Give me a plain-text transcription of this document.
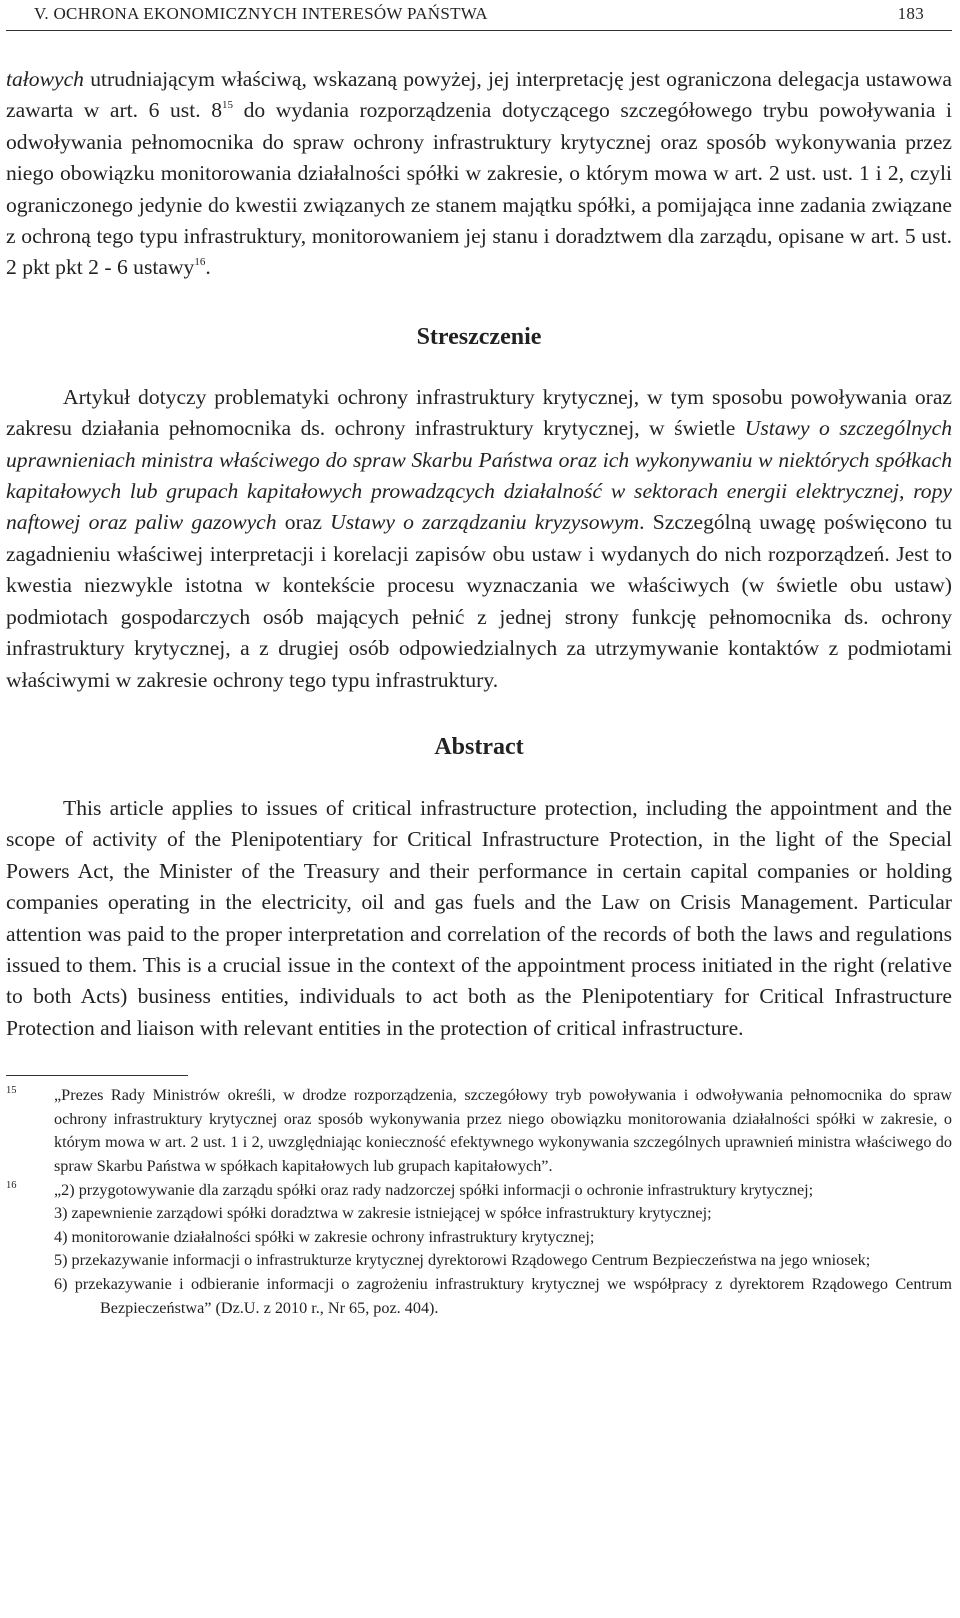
V. OCHRONA EKONOMICZNYCH INTERESÓW PAŃSTWA	183

tałowych utrudniającym właściwą, wskazaną powyżej, jej interpretację jest ograniczona delegacja ustawowa zawarta w art. 6 ust. $8^{15}$ do wydania rozporządzenia dotyczącego szczegółowego trybu powoływania i odwoływania pełnomocnika do spraw ochrony infrastruktury krytycznej oraz sposób wykonywania przez niego obowiązku monitorowania działalności spółki w zakresie, o którym mowa w art. 2 ust. ust. 1 i 2, czyli ograniczonego jedynie do kwestii związanych ze stanem majątku spółki, a pomijająca inne zadania związane z ochroną tego typu infrastruktury, monitorowaniem jej stanu i doradztwem dla zarządu, opisane w art. 5 ust. 2 pkt pkt 2 - 6 ustawy$^{16}$.

Streszczenie

Artykuł dotyczy problematyki ochrony infrastruktury krytycznej, w tym sposobu powoływania oraz zakresu działania pełnomocnika ds. ochrony infrastruktury krytycznej, w świetle Ustawy o szczególnych uprawnieniach ministra właściwego do spraw Skarbu Państwa oraz ich wykonywaniu w niektórych spółkach kapitałowych lub grupach kapitałowych prowadzących działalność w sektorach energii elektrycznej, ropy naftowej oraz paliw gazowych oraz Ustawy o zarządzaniu kryzysowym. Szczególną uwagę poświęcono tu zagadnieniu właściwej interpretacji i korelacji zapisów obu ustaw i wydanych do nich rozporządzeń. Jest to kwestia niezwykle istotna w kontekście procesu wyznaczania we właściwych (w świetle obu ustaw) podmiotach gospodarczych osób mających pełnić z jednej strony funkcję pełnomocnika ds. ochrony infrastruktury krytycznej, a z drugiej osób odpowiedzialnych za utrzymywanie kontaktów z podmiotami właściwymi w zakresie ochrony tego typu infrastruktury.

Abstract

This article applies to issues of critical infrastructure protection, including the appointment and the scope of activity of the Plenipotentiary for Critical Infrastructure Protection, in the light of the Special Powers Act, the Minister of the Treasury and their performance in certain capital companies or holding companies operating in the electricity, oil and gas fuels and the Law on Crisis Management. Particular attention was paid to the proper interpretation and correlation of the records of both the laws and regulations issued to them. This is a crucial issue in the context of the appointment process initiated in the right (relative to both Acts) business entities, individuals to act both as the Plenipotentiary for Critical Infrastructure Protection and liaison with relevant entities in the protection of critical infrastructure.

15 „Prezes Rady Ministrów określi, w drodze rozporządzenia, szczegółowy tryb powoływania i odwoływania pełnomocnika do spraw ochrony infrastruktury krytycznej oraz sposób wykonywania przez niego obowiązku monitorowania działalności spółki w zakresie, o którym mowa w art. 2 ust. 1 i 2, uwzględniając konieczność efektywnego wykonywania szczególnych uprawnień ministra właściwego do spraw Skarbu Państwa w spółkach kapitałowych lub grupach kapitałowych”.

16	„2) przygotowywanie dla zarządu spółki oraz rady nadzorczej spółki informacji o ochronie infrastruktury krytycznej;

3) zapewnienie zarządowi spółki doradztwa w zakresie istniejącej w spółce infrastruktury krytycznej;

4) monitorowanie działalności spółki w zakresie ochrony infrastruktury krytycznej;

5) przekazywanie informacji o infrastrukturze krytycznej dyrektorowi Rządowego Centrum Bezpieczeństwa na jego wniosek;

6) przekazywanie i odbieranie informacji o zagrożeniu infrastruktury krytycznej we współpracy z dyrektorem Rządowego Centrum Bezpieczeństwa” (Dz.U. z 2010 r., Nr 65, poz. 404).
